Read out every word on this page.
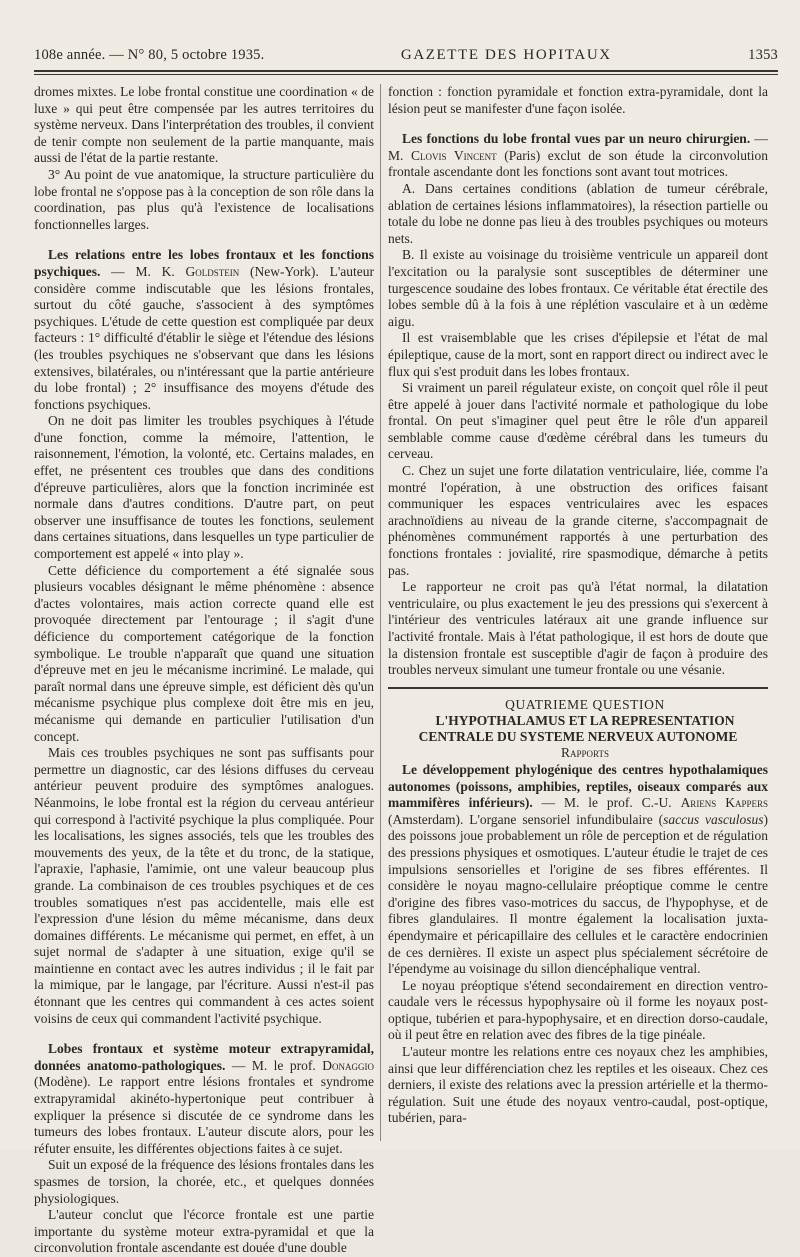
108e année. — N° 80, 5 octobre 1935.	GAZETTE DES HOPITAUX	1353

dromes mixtes. Le lobe frontal constitue une coordination « de luxe » qui peut être compensée par les autres territoires du système nerveux. Dans l'interprétation des troubles, il convient de tenir compte non seulement de la partie manquante, mais aussi de l'état de la partie restante.

3° Au point de vue anatomique, la structure particulière du lobe frontal ne s'oppose pas à la conception de son rôle dans la coordination, pas plus qu'à l'existence de localisations fonctionnelles larges.

Les relations entre les lobes frontaux et les fonctions psychiques. — M. K. Goldstein (New-York). L'auteur considère comme indiscutable que les lésions frontales, surtout du côté gauche, s'associent à des symptômes psychiques. L'étude de cette question est compliquée par deux facteurs : 1° difficulté d'établir le siège et l'étendue des lésions (les troubles psychiques ne s'observant que dans les lésions extensives, bilatérales, ou n'intéressant que la partie antérieure du lobe frontal) ; 2° insuffisance des moyens d'étude des fonctions psychiques.

On ne doit pas limiter les troubles psychiques à l'étude d'une fonction, comme la mémoire, l'attention, le raisonnement, l'émotion, la volonté, etc. Certains malades, en effet, ne présentent ces troubles que dans des conditions d'épreuve particulières, alors que la fonction incriminée est normale dans d'autres conditions. D'autre part, on peut observer une insuffisance de toutes les fonctions, seulement dans certaines situations, dans lesquelles un type particulier de comportement est appelé « into play ».

Cette déficience du comportement a été signalée sous plusieurs vocables désignant le même phénomène : absence d'actes volontaires, mais action correcte quand elle est provoquée directement par l'entourage ; il s'agit d'une déficience du comportement catégorique de la fonction symbolique. Le trouble n'apparaît que quand une situation d'épreuve met en jeu le mécanisme incriminé. Le malade, qui paraît normal dans une épreuve simple, est déficient dès qu'un mécanisme psychique plus complexe doit être mis en jeu, mécanisme qui demande en particulier l'utilisation d'un concept.

Mais ces troubles psychiques ne sont pas suffisants pour permettre un diagnostic, car des lésions diffuses du cerveau antérieur peuvent produire des symptômes analogues. Néanmoins, le lobe frontal est la région du cerveau antérieur qui correspond à l'activité psychique la plus compliquée. Pour les localisations, les signes associés, tels que les troubles des mouvements des yeux, de la tête et du tronc, de la statique, l'apraxie, l'aphasie, l'amimie, ont une valeur beaucoup plus grande. La combinaison de ces troubles psychiques et de ces troubles somatiques n'est pas accidentelle, mais elle est l'expression d'une lésion du même mécanisme, dans deux domaines différents. Le mécanisme qui permet, en effet, à un sujet normal de s'adapter à une situation, exige qu'il se maintienne en contact avec les autres individus ; il le fait par la mimique, par le langage, par l'écriture. Aussi n'est-il pas étonnant que les centres qui commandent à ces actes soient voisins de ceux qui commandent l'activité psychique.

Lobes frontaux et système moteur extrapyramidal, données anatomo-pathologiques. — M. le prof. Donaggio (Modène). Le rapport entre lésions frontales et syndrome extrapyramidal akinéto-hypertonique peut contribuer à expliquer la présence si discutée de ce syndrome dans les tumeurs des lobes frontaux. L'auteur discute alors, pour les réfuter ensuite, les différentes objections faites à ce sujet.

Suit un exposé de la fréquence des lésions frontales dans les spasmes de torsion, la chorée, etc., et quelques données physiologiques.

L'auteur conclut que l'écorce frontale est une partie importante du système moteur extra-pyramidal et que la circonvolution frontale ascendante est douée d'une double

fonction : fonction pyramidale et fonction extra-pyramidale, dont la lésion peut se manifester d'une façon isolée.

Les fonctions du lobe frontal vues par un neuro chirurgien. — M. Clovis Vincent (Paris) exclut de son étude la circonvolution frontale ascendante dont les fonctions sont avant tout motrices.

A. Dans certaines conditions (ablation de tumeur cérébrale, ablation de certaines lésions inflammatoires), la résection partielle ou totale du lobe ne donne pas lieu à des troubles psychiques ou moteurs nets.

B. Il existe au voisinage du troisième ventricule un appareil dont l'excitation ou la paralysie sont susceptibles de déterminer une turgescence soudaine des lobes frontaux. Ce véritable état érectile des lobes semble dû à la fois à une réplétion vasculaire et à un œdème aigu.

Il est vraisemblable que les crises d'épilepsie et l'état de mal épileptique, cause de la mort, sont en rapport direct ou indirect avec le flux qui s'est produit dans les lobes frontaux.

Si vraiment un pareil régulateur existe, on conçoit quel rôle il peut être appelé à jouer dans l'activité normale et pathologique du lobe frontal. On peut s'imaginer quel peut être le rôle d'un appareil semblable comme cause d'œdème cérébral dans les tumeurs du cerveau.

C. Chez un sujet une forte dilatation ventriculaire, liée, comme l'a montré l'opération, à une obstruction des orifices faisant communiquer les espaces ventriculaires avec les espaces arachnoïdiens au niveau de la grande citerne, s'accompagnait de phénomènes communément rapportés à une perturbation des fonctions frontales : jovialité, rire spasmodique, démarche à petits pas.

Le rapporteur ne croit pas qu'à l'état normal, la dilatation ventriculaire, ou plus exactement le jeu des pressions qui s'exercent à l'intérieur des ventricules latéraux ait une grande influence sur l'activité frontale. Mais à l'état pathologique, il est hors de doute que la distension frontale est susceptible d'agir de façon à produire des troubles nerveux simulant une tumeur frontale ou une vésanie.

QUATRIEME QUESTION

L'HYPOTHALAMUS ET LA REPRESENTATION CENTRALE DU SYSTEME NERVEUX AUTONOME

Rapports

Le développement phylogénique des centres hypothalamiques autonomes (poissons, amphibies, reptiles, oiseaux comparés aux mammifères inférieurs). — M. le prof. C.-U. Ariens Kappers (Amsterdam). L'organe sensoriel infundibulaire (saccus vasculosus) des poissons joue probablement un rôle de perception et de régulation des pressions physiques et osmotiques. L'auteur étudie le trajet de ces impulsions sensorielles et l'origine de ses fibres efférentes. Il considère le noyau magno-cellulaire préoptique comme le centre d'origine des fibres vaso-motrices du saccus, de l'hypophyse, et de fibres glandulaires. Il montre également la localisation juxta-épendymaire et péricapillaire des cellules et le caractère endocrinien de ces dernières. Il existe un aspect plus spécialement sécrétoire de l'épendyme au voisinage du sillon diencéphalique ventral.

Le noyau préoptique s'étend secondairement en direction ventro-caudale vers le récessus hypophysaire où il forme les noyaux post-optique, tubérien et para-hypophysaire, et en direction dorso-caudale, où il peut être en relation avec des fibres de la tige pinéale.

L'auteur montre les relations entre ces noyaux chez les amphibies, ainsi que leur différenciation chez les reptiles et les oiseaux. Chez ces derniers, il existe des relations avec la pression artérielle et la thermo-régulation. Suit une étude des noyaux ventro-caudal, post-optique, tubérien, para-
